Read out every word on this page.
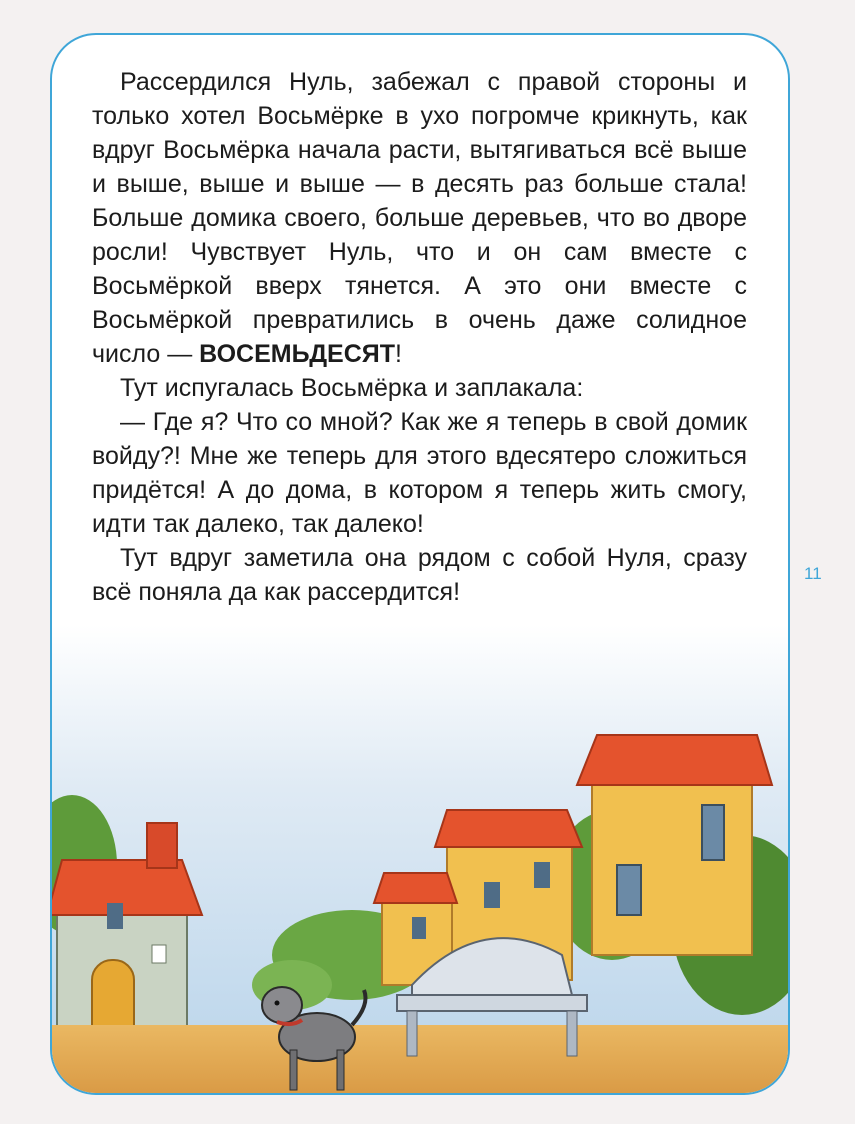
Рассердился Нуль, забежал с правой стороны и только хотел Восьмёрке в ухо погромче крикнуть, как вдруг Восьмёрка начала расти, вытягиваться всё выше и выше, выше и выше — в десять раз больше стала! Больше домика своего, больше деревьев, что во дворе росли! Чувствует Нуль, что и он сам вместе с Восьмёркой вверх тянется. А это они вместе с Восьмёркой превратились в очень даже солидное число — ВОСЕМЬДЕСЯТ!

Тут испугалась Восьмёрка и заплакала:

— Где я? Что со мной? Как же я теперь в свой домик войду?! Мне же теперь для этого вдесятеро сложиться придётся! А до дома, в котором я теперь жить смогу, идти так далеко, так далеко!

Тут вдруг заметила она рядом с собой Нуля, сразу всё поняла да как рассердится!

11
